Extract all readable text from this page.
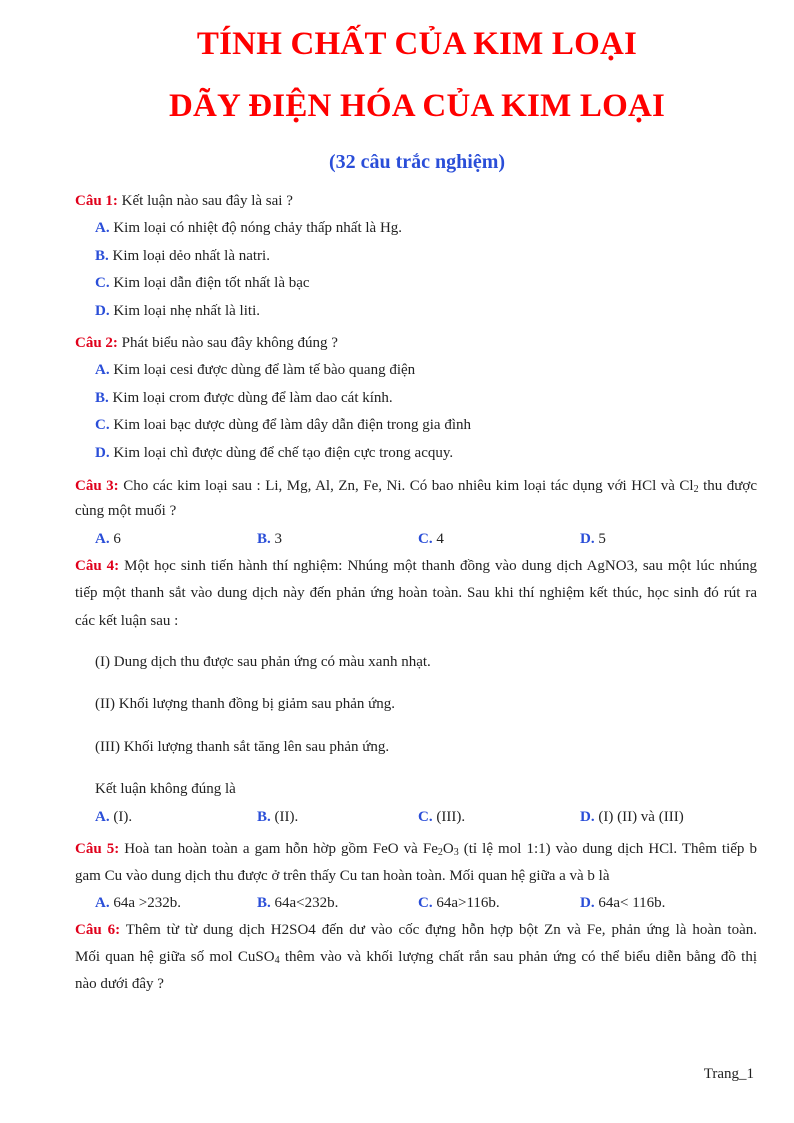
TÍNH CHẤT CỦA KIM LOẠI
DÃY ĐIỆN HÓA CỦA KIM LOẠI
(32 câu trắc nghiệm)
Câu 1: Kết luận nào sau đây là sai ?
A. Kim loại có nhiệt độ nóng chảy thấp nhất là Hg.
B. Kim loại dẻo nhất là natri.
C. Kim loại dẫn điện tốt nhất là bạc
D. Kim loại nhẹ nhất là liti.
Câu 2: Phát biểu nào sau đây không đúng ?
A. Kim loại cesi được dùng để làm tế bào quang điện
B. Kim loại crom được dùng để làm dao cát kính.
C. Kim loai bạc dược dùng để làm dây dẫn điện trong gia đình
D. Kim loại chì được dùng để chế tạo điện cực trong acquy.
Câu 3: Cho các kim loại sau : Li, Mg, Al, Zn, Fe, Ni. Có bao nhiêu kim loại tác dụng với HCl và $Cl_2$ thu được
cùng một muối ?
A. 6	B. 3	C. 4	D. 5
Câu 4: Một học sinh tiến hành thí nghiệm: Nhúng một thanh đồng vào dung dịch AgNO3, sau một lúc nhúng
tiếp một thanh sắt vào dung dịch này đến phản ứng hoàn toàn. Sau khi thí nghiệm kết thúc, học sinh đó rút ra
các kết luận sau :
(I) Dung dịch thu được sau phản ứng có màu xanh nhạt.
(II) Khối lượng thanh đồng bị giảm sau phản ứng.
(III) Khối lượng thanh sắt tăng lên sau phản ứng.
Kết luận không đúng là
A. (I).	B. (II).	C. (III).	D. (I) (II) và (III)
Câu 5: Hoà tan hoàn toàn a gam hỗn hờp gồm FeO và $Fe_2O_3$ (tỉ lệ mol 1:1) vào dung dịch HCl. Thêm tiếp b
gam Cu vào dung dịch thu được ở trên thấy Cu tan hoàn toàn. Mối quan hệ giữa a và b là
A. 64a >232b.	B. 64a<232b.	C. 64a>116b.	D. 64a< 116b.
Câu 6: Thêm từ từ dung dịch H2SO4 đến dư vào cốc đựng hỗn hợp bột Zn và Fe, phản ứng là hoàn toàn.
Mối quan hệ giữa số mol CuSO$_4$ thêm vào và khối lượng chất rắn sau phản ứng có thể biểu diễn bằng đồ thị
nào dưới đây ?
Trang_1
